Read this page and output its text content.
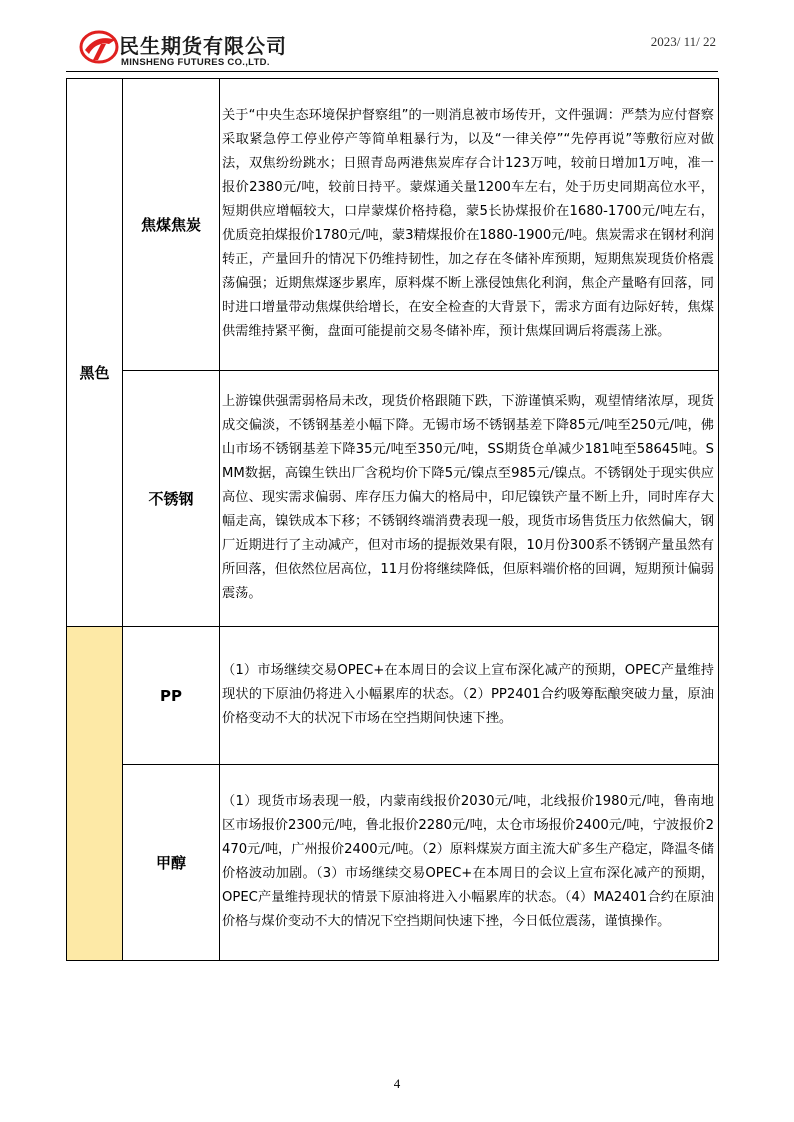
民生期货有限公司
MINSHENG FUTURES CO.,LTD.
2023/ 11/ 22
黑色	焦煤焦炭	关于“中央生态环境保护督察组”的一则消息被市场传开，文件强调：严禁为应付督察采取紧急停工停业停产等简单粗暴行为，以及“一律关停”“先停再说”等敷衍应对做法，双焦纷纷跳水；日照青岛两港焦炭库存合计123万吨，较前日增加1万吨，准一报价2380元/吨，较前日持平。蒙煤通关量1200车左右，处于历史同期高位水平，短期供应增幅较大，口岸蒙煤价格持稳，蒙5长协煤报价在1680-1700元/吨左右，优质竞拍煤报价1780元/吨，蒙3精煤报价在1880-1900元/吨。焦炭需求在钢材利润转正，产量回升的情况下仍维持韧性，加之存在冬储补库预期，短期焦炭现货价格震荡偏强；近期焦煤逐步累库，原料煤不断上涨侵蚀焦化利润，焦企产量略有回落，同时进口增量带动焦煤供给增长，在安全检查的大背景下，需求方面有边际好转，焦煤供需维持紧平衡，盘面可能提前交易冬储补库，预计焦煤回调后将震荡上涨。

	不锈钢	上游镍供强需弱格局未改，现货价格跟随下跌，下游谨慎采购，观望情绪浓厚，现货成交偏淡，不锈钢基差小幅下降。无锡市场不锈钢基差下降85元/吨至250元/吨，佛山市场不锈钢基差下降35元/吨至350元/吨，SS期货仓单减少181吨至58645吨。SMM数据，高镍生铁出厂含税均价下降5元/镍点至985元/镍点。不锈钢处于现实供应高位、现实需求偏弱、库存压力偏大的格局中，印尼镍铁产量不断上升，同时库存大幅走高，镍铁成本下移；不锈钢终端消费表现一般，现货市场售货压力依然偏大，钢厂近期进行了主动减产，但对市场的提振效果有限，10月份300系不锈钢产量虽然有所回落，但依然位居高位，11月份将继续降低，但原料端价格的回调，短期预计偏弱震荡。

	PP	（1）市场继续交易OPEC+在本周日的会议上宣布深化减产的预期，OPEC产量维持现状的下原油仍将进入小幅累库的状态。（2）PP2401合约吸筹酝酿突破力量，原油价格变动不大的状况下市场在空挡期间快速下挫。

	甲醇	（1）现货市场表现一般，内蒙南线报价2030元/吨，北线报价1980元/吨，鲁南地区市场报价2300元/吨，鲁北报价2280元/吨，太仓市场报价2400元/吨，宁波报价2470元/吨，广州报价2400元/吨。（2）原料煤炭方面主流大矿多生产稳定，降温冬储价格波动加剧。（3）市场继续交易OPEC+在本周日的会议上宣布深化减产的预期，OPEC产量维持现状的情景下原油将进入小幅累库的状态。（4）MA2401合约在原油价格与煤价变动不大的情况下空挡期间快速下挫，今日低位震荡，谨慎操作。
4
